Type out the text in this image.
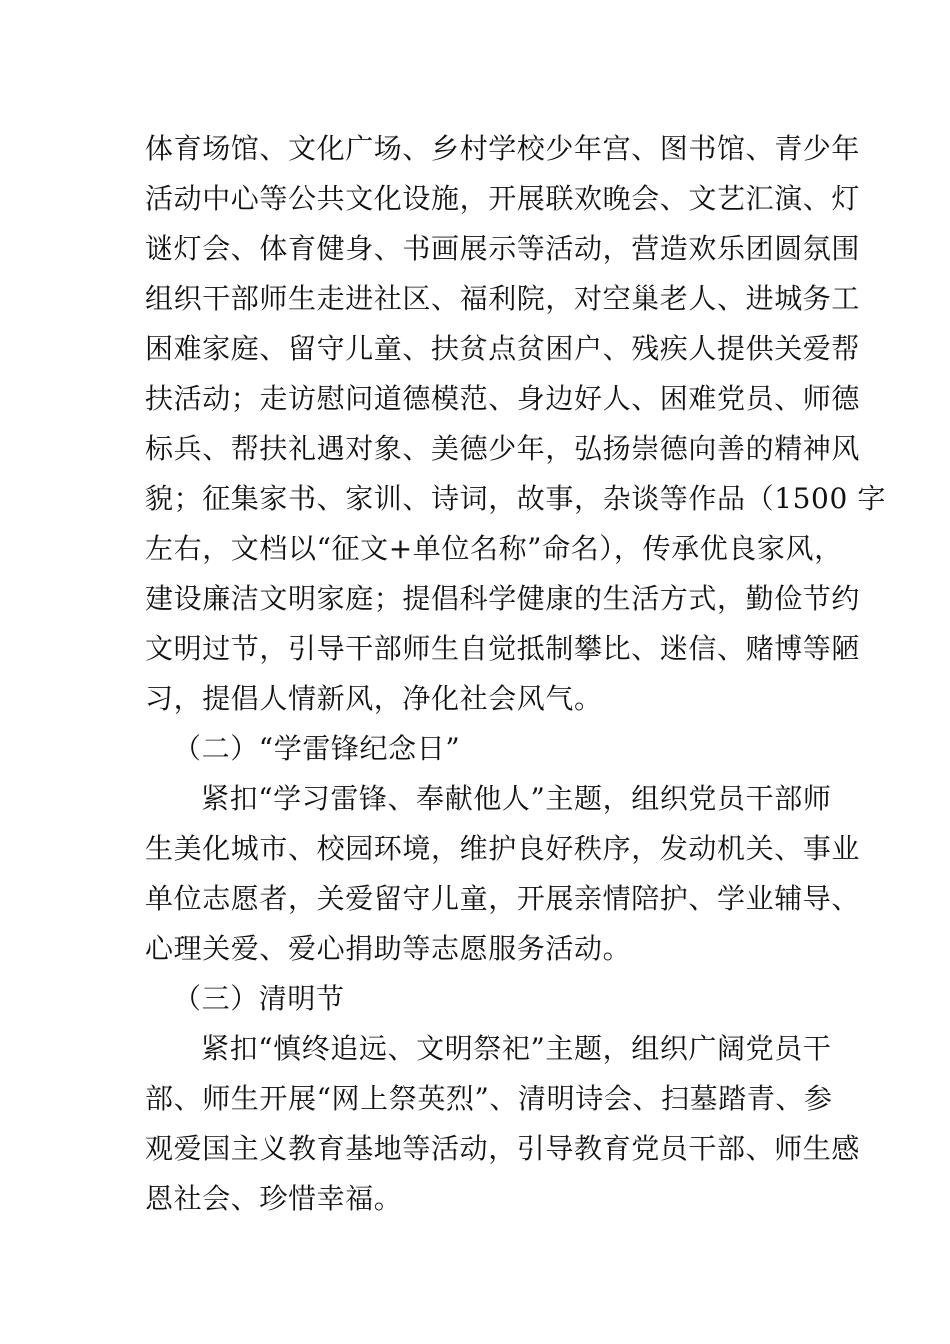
体育场馆、文化广场、乡村学校少年宫、图书馆、青少年
活动中心等公共文化设施，开展联欢晚会、文艺汇演、灯
谜灯会、体育健身、书画展示等活动，营造欢乐团圆氛围
组织干部师生走进社区、福利院，对空巢老人、进城务工
困难家庭、留守儿童、扶贫点贫困户、残疾人提供关爱帮
扶活动；走访慰问道德模范、身边好人、困难党员、师德
标兵、帮扶礼遇对象、美德少年，弘扬崇德向善的精神风
貌；征集家书、家训、诗词，故事，杂谈等作品（1500 字
左右，文档以“征文+单位名称”命名），传承优良家风，
建设廉洁文明家庭；提倡科学健康的生活方式，勤俭节约
文明过节，引导干部师生自觉抵制攀比、迷信、赌博等陋
习，提倡人情新风，净化社会风气。
（二）“学雷锋纪念日”
紧扣“学习雷锋、奉献他人”主题，组织党员干部师
生美化城市、校园环境，维护良好秩序，发动机关、事业
单位志愿者，关爱留守儿童，开展亲情陪护、学业辅导、
心理关爱、爱心捐助等志愿服务活动。
（三）清明节
紧扣“慎终追远、文明祭祀”主题，组织广阔党员干
部、师生开展“网上祭英烈”、清明诗会、扫墓踏青、参
观爱国主义教育基地等活动，引导教育党员干部、师生感
恩社会、珍惜幸福。
